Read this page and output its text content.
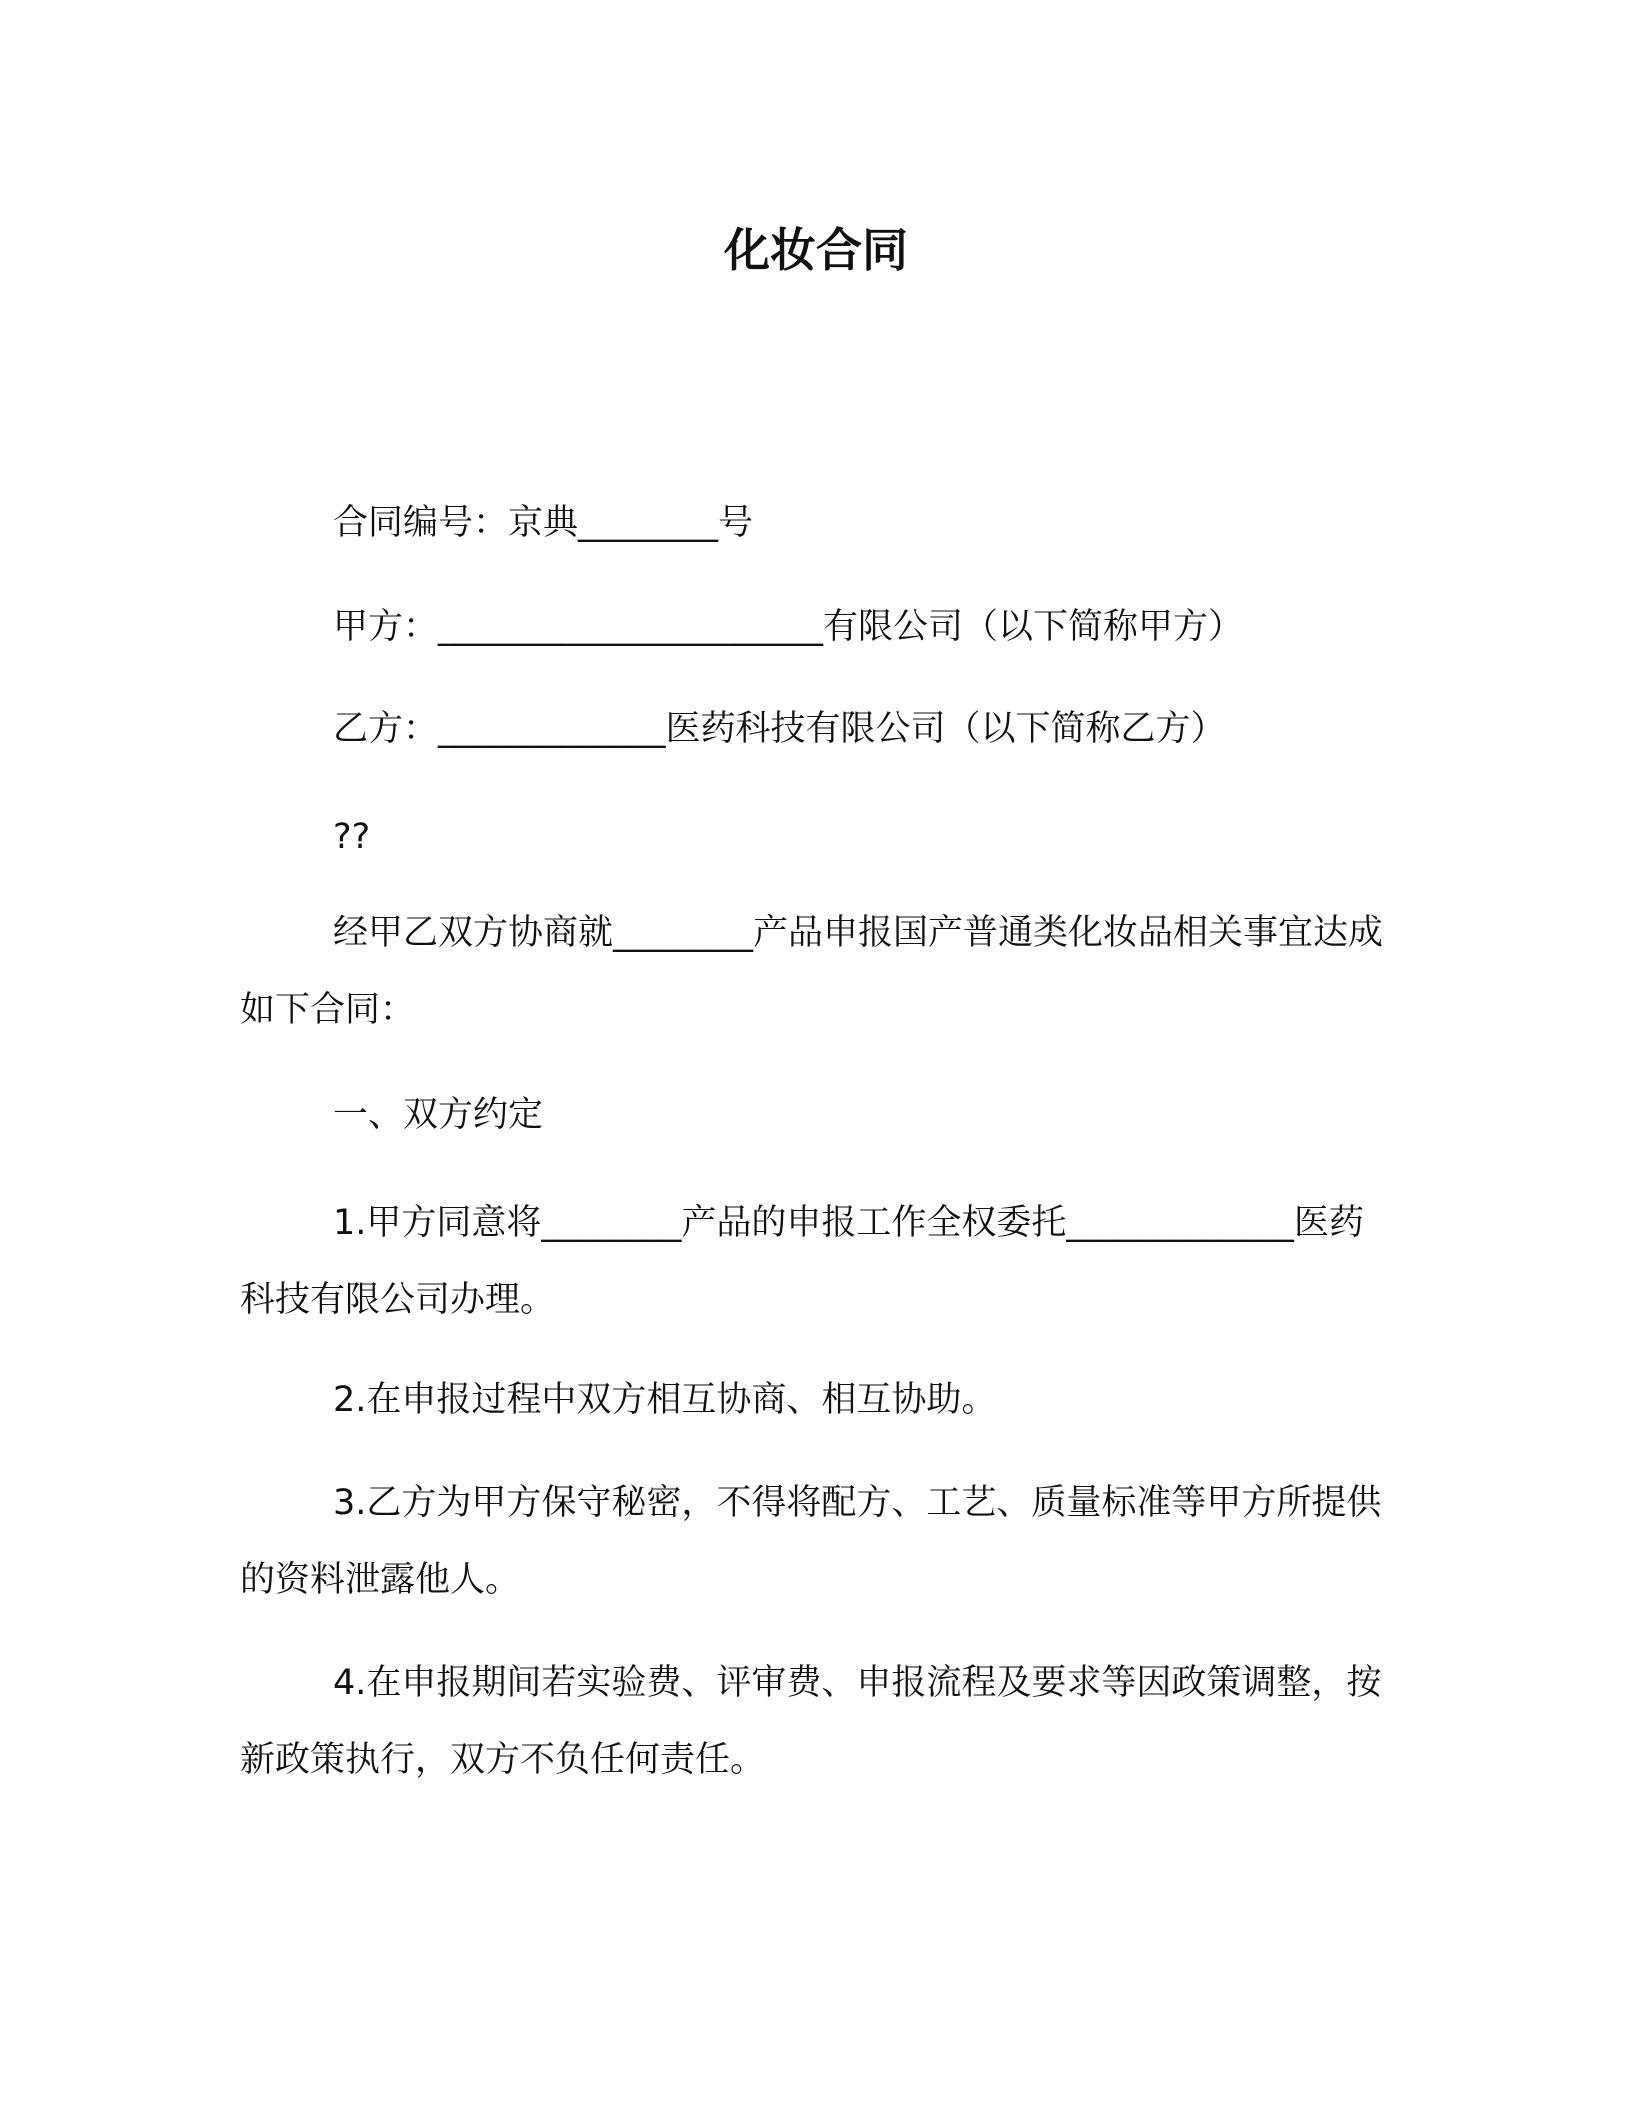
化妆合同
合同编号：京典________号
甲方：______________________有限公司（以下简称甲方）
乙方：_____________医药科技有限公司（以下简称乙方）
??
经甲乙双方协商就________产品申报国产普通类化妆品相关事宜达成如下合同：
一、双方约定
1.甲方同意将________产品的申报工作全权委托_____________医药科技有限公司办理。
2.在申报过程中双方相互协商、相互协助。
3.乙方为甲方保守秘密，不得将配方、工艺、质量标准等甲方所提供的资料泄露他人。
4.在申报期间若实验费、评审费、申报流程及要求等因政策调整，按新政策执行，双方不负任何责任。
